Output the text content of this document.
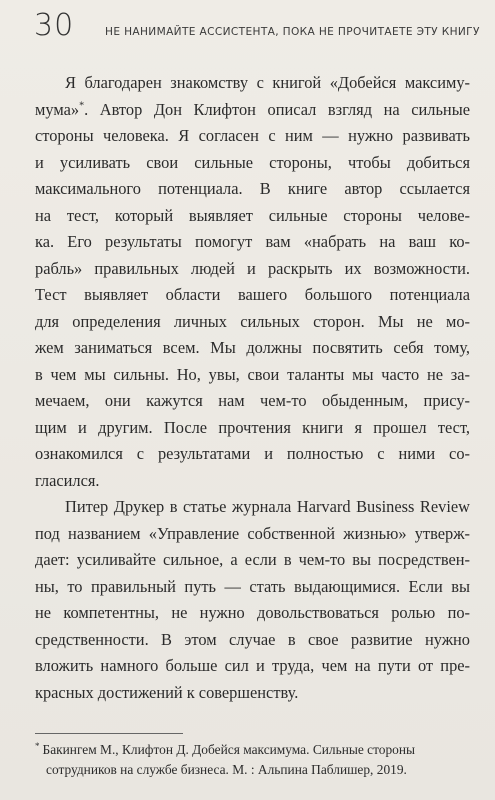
30	НЕ НАНИМАЙТЕ АССИСТЕНТА, ПОКА НЕ ПРОЧИТАЕТЕ ЭТУ КНИГУ
Я благодарен знакомству с книгой «Добейся максиму-
мума»*. Автор Дон Клифтон описал взгляд на сильные
стороны человека. Я согласен с ним — нужно развивать
и усиливать свои сильные стороны, чтобы добиться
максимального потенциала. В книге автор ссылается
на тест, который выявляет сильные стороны челове-
ка. Его результаты помогут вам «набрать на ваш ко-
рабль» правильных людей и раскрыть их возможности.
Тест выявляет области вашего большого потенциала
для определения личных сильных сторон. Мы не мо-
жем заниматься всем. Мы должны посвятить себя тому,
в чем мы сильны. Но, увы, свои таланты мы часто не за-
мечаем, они кажутся нам чем-то обыденным, прису-
щим и другим. После прочтения книги я прошел тест,
ознакомился с результатами и полностью с ними со-
гласился.
Питер Друкер в статье журнала Harvard Business Review
под названием «Управление собственной жизнью» утверж-
дает: усиливайте сильное, а если в чем-то вы посредствен-
ны, то правильный путь — стать выдающимися. Если вы
не компетентны, не нужно довольствоваться ролью по-
средственности. В этом случае в свое развитие нужно
вложить намного больше сил и труда, чем на пути от пре-
красных достижений к совершенству.
* Бакингем М., Клифтон Д. Добейся максимума. Сильные стороны
сотрудников на службе бизнеса. М. : Альпина Паблишер, 2019.
